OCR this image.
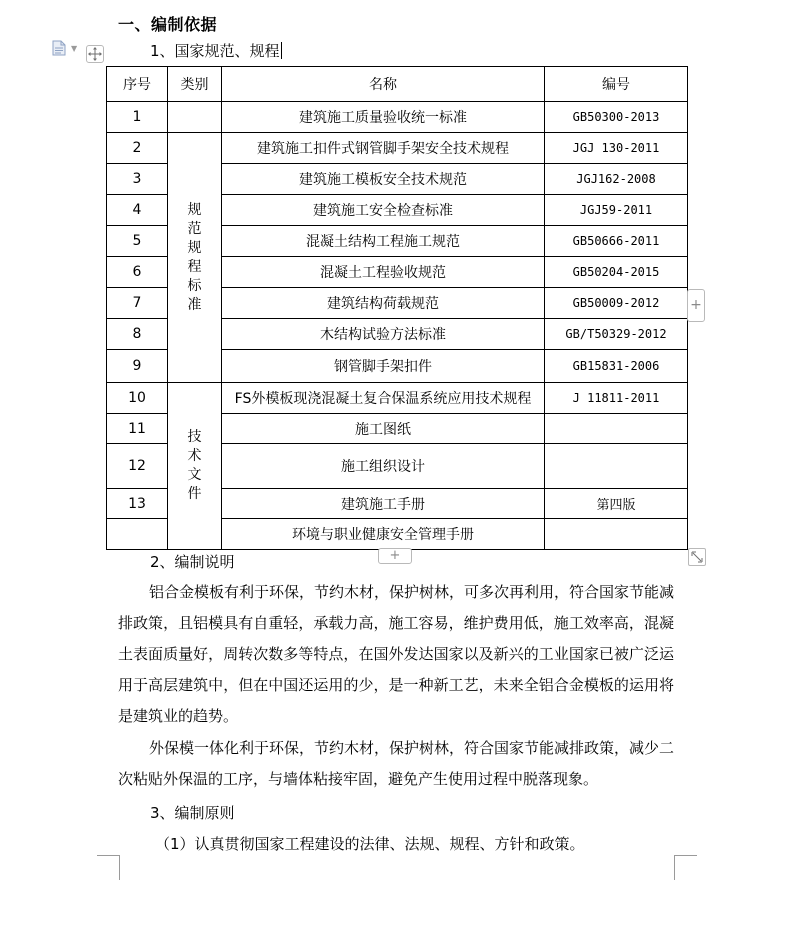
▼
一、编制依据
1、国家规范、规程
序号	类别	名称	编号
1		建筑施工质量验收统一标准	GB50300-2013
2	规范规程标准	建筑施工扣件式钢管脚手架安全技术规程	JGJ 130-2011
3		建筑施工模板安全技术规范	JGJ162-2008
4		建筑施工安全检查标准	JGJ59-2011
5		混凝土结构工程施工规范	GB50666-2011
6		混凝土工程验收规范	GB50204-2015
7		建筑结构荷载规范	GB50009-2012
8		木结构试验方法标准	GB/T50329-2012
9		钢管脚手架扣件	GB15831-2006
10	技术文件	FS外模板现浇混凝土复合保温系统应用技术规程	J 11811-2011
11		施工图纸	
12		施工组织设计	
13		建筑施工手册	第四版
		环境与职业健康安全管理手册	
+
+
2、编制说明
铝合金模板有利于环保，节约木材，保护树林，可多次再利用，符合国家节能减排政策，且铝模具有自重轻，承载力高，施工容易，维护费用低，施工效率高，混凝土表面质量好，周转次数多等特点，在国外发达国家以及新兴的工业国家已被广泛运用于高层建筑中，但在中国还运用的少，是一种新工艺，未来全铝合金模板的运用将是建筑业的趋势。
外保模一体化利于环保，节约木材，保护树林，符合国家节能减排政策，减少二次粘贴外保温的工序，与墙体粘接牢固，避免产生使用过程中脱落现象。
3、编制原则
（1）认真贯彻国家工程建设的法律、法规、规程、方针和政策。
